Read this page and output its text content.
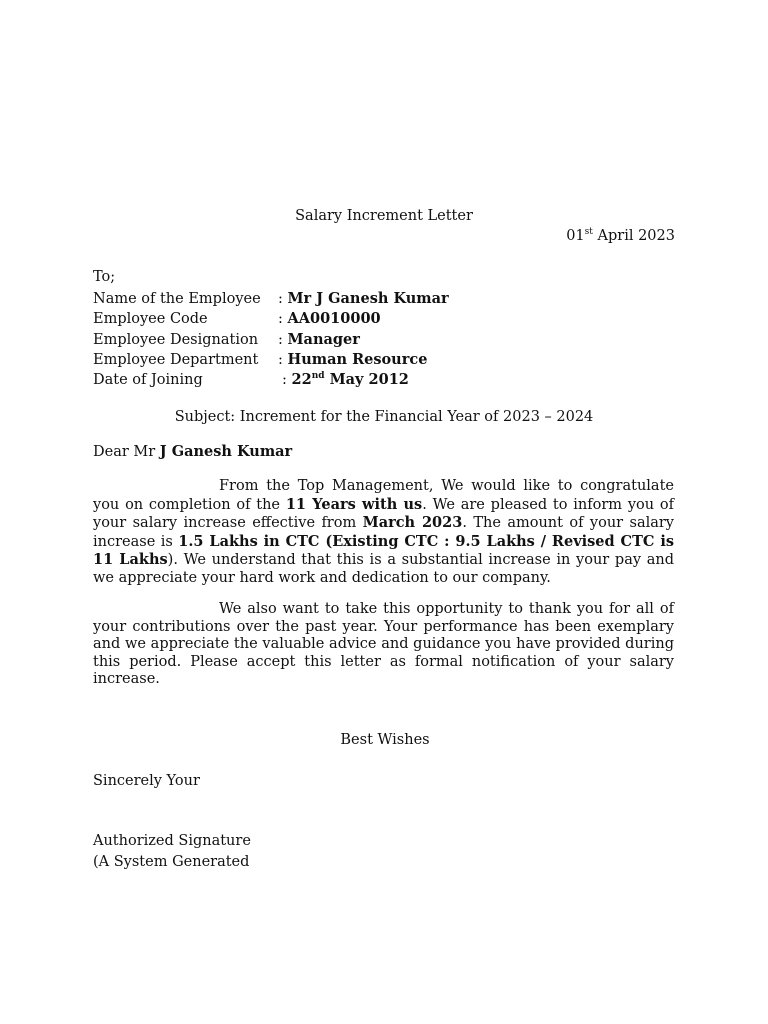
Salary Increment Letter
01st April 2023
To;
Name of the Employee : Mr J Ganesh Kumar
Employee Code	: AA0010000
Employee Designation : Manager
Employee Department : Human Resource
Date of Joining	: 22nd May 2012
Subject: Increment for the Financial Year of 2023 – 2024
Dear Mr J Ganesh Kumar
From the Top Management, We would like to congratulate you on completion of the 11 Years with us. We are pleased to inform you of your salary increase effective from March 2023. The amount of your salary increase is 1.5 Lakhs in CTC (Existing CTC : 9.5 Lakhs / Revised CTC is 11 Lakhs). We understand that this is a substantial increase in your pay and we appreciate your hard work and dedication to our company.
We also want to take this opportunity to thank you for all of your contributions over the past year. Your performance has been exemplary and we appreciate the valuable advice and guidance you have provided during this period. Please accept this letter as formal notification of your salary increase.
Best Wishes
Sincerely Your
Authorized Signature
(A System Generated
